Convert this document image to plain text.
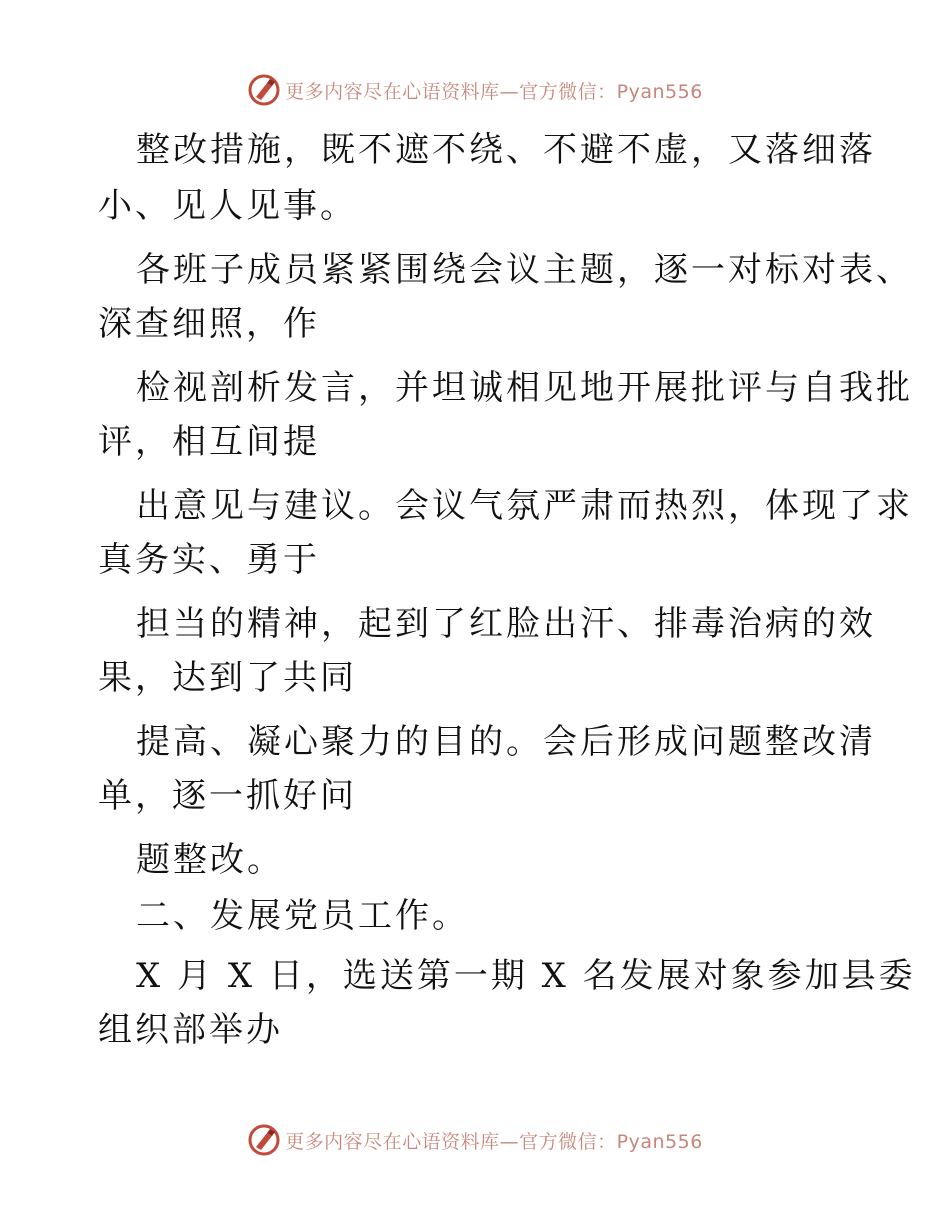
更多内容尽在心语资料库—官方微信：Pyan556
整改措施，既不遮不绕、不避不虚，又落细落
小、见人见事。
各班子成员紧紧围绕会议主题，逐一对标对表、
深查细照，作
检视剖析发言，并坦诚相见地开展批评与自我批
评，相互间提
出意见与建议。会议气氛严肃而热烈，体现了求
真务实、勇于
担当的精神，起到了红脸出汗、排毒治病的效
果，达到了共同
提高、凝心聚力的目的。会后形成问题整改清
单，逐一抓好问
题整改。
二、发展党员工作。
X 月 X 日，选送第一期 X 名发展对象参加县委
组织部举办
更多内容尽在心语资料库—官方微信：Pyan556
